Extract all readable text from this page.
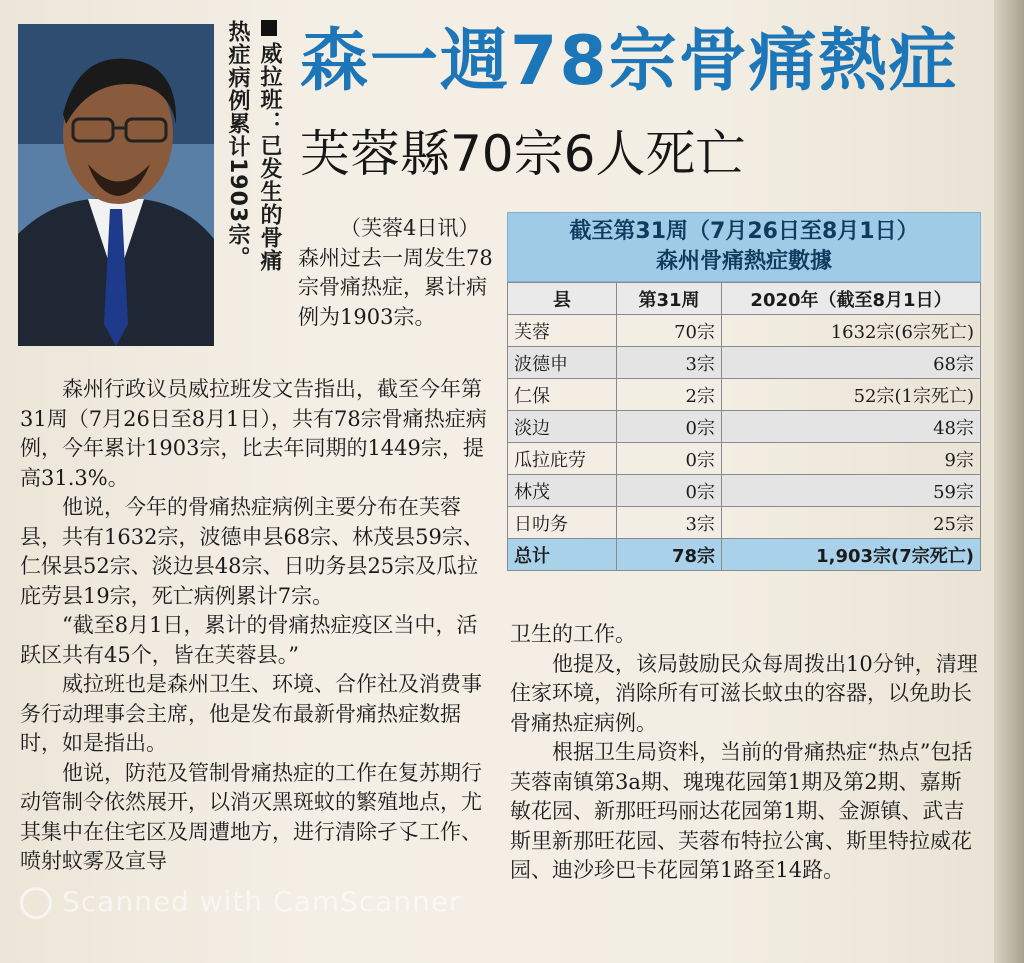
威拉班：已发生的骨痛
热症病例累计1903宗。 森一週78宗骨痛熱症
芙蓉縣70宗6人死亡

（芙蓉4日讯）森州过去一周发生78宗骨痛热症，累计病例为1903宗。

截至第31周（7月26日至8月1日）
森州骨痛熱症數據
县	第31周	2020年（截至8月1日）
芙蓉	70宗	1632宗(6宗死亡)
波德申	3宗	68宗
仁保	2宗	52宗(1宗死亡)
淡边	0宗	48宗
瓜拉庇劳	0宗	9宗
林茂	0宗	59宗
日叻务	3宗	25宗
总计	78宗	1,903宗(7宗死亡)

森州行政议员威拉班发文告指出，截至今年第31周（7月26日至8月1日），共有78宗骨痛热症病例，今年累计1903宗，比去年同期的1449宗，提高31.3%。

他说，今年的骨痛热症病例主要分布在芙蓉县，共有1632宗，波德申县68宗、林茂县59宗、仁保县52宗、淡边县48宗、日叻务县25宗及瓜拉庇劳县19宗，死亡病例累计7宗。

“截至8月1日，累计的骨痛热症疫区当中，活跃区共有45个，皆在芙蓉县。”

威拉班也是森州卫生、环境、合作社及消费事务行动理事会主席，他是发布最新骨痛热症数据时，如是指出。

他说，防范及管制骨痛热症的工作在复苏期行动管制令依然展开，以消灭黑斑蚊的繁殖地点，尤其集中在住宅区及周遭地方，进行清除孑孓工作、喷射蚊雾及宣导

卫生的工作。

他提及，该局鼓励民众每周拨出10分钟，清理住家环境，消除所有可滋长蚊虫的容器，以免助长骨痛热症病例。

根据卫生局资料，当前的骨痛热症“热点”包括芙蓉南镇第3a期、瑰瑰花园第1期及第2期、嘉斯敏花园、新那旺玛丽达花园第1期、金源镇、武吉斯里新那旺花园、芙蓉布特拉公寓、斯里特拉威花园、迪沙珍巴卡花园第1路至14路。

Scanned with CamScanner
